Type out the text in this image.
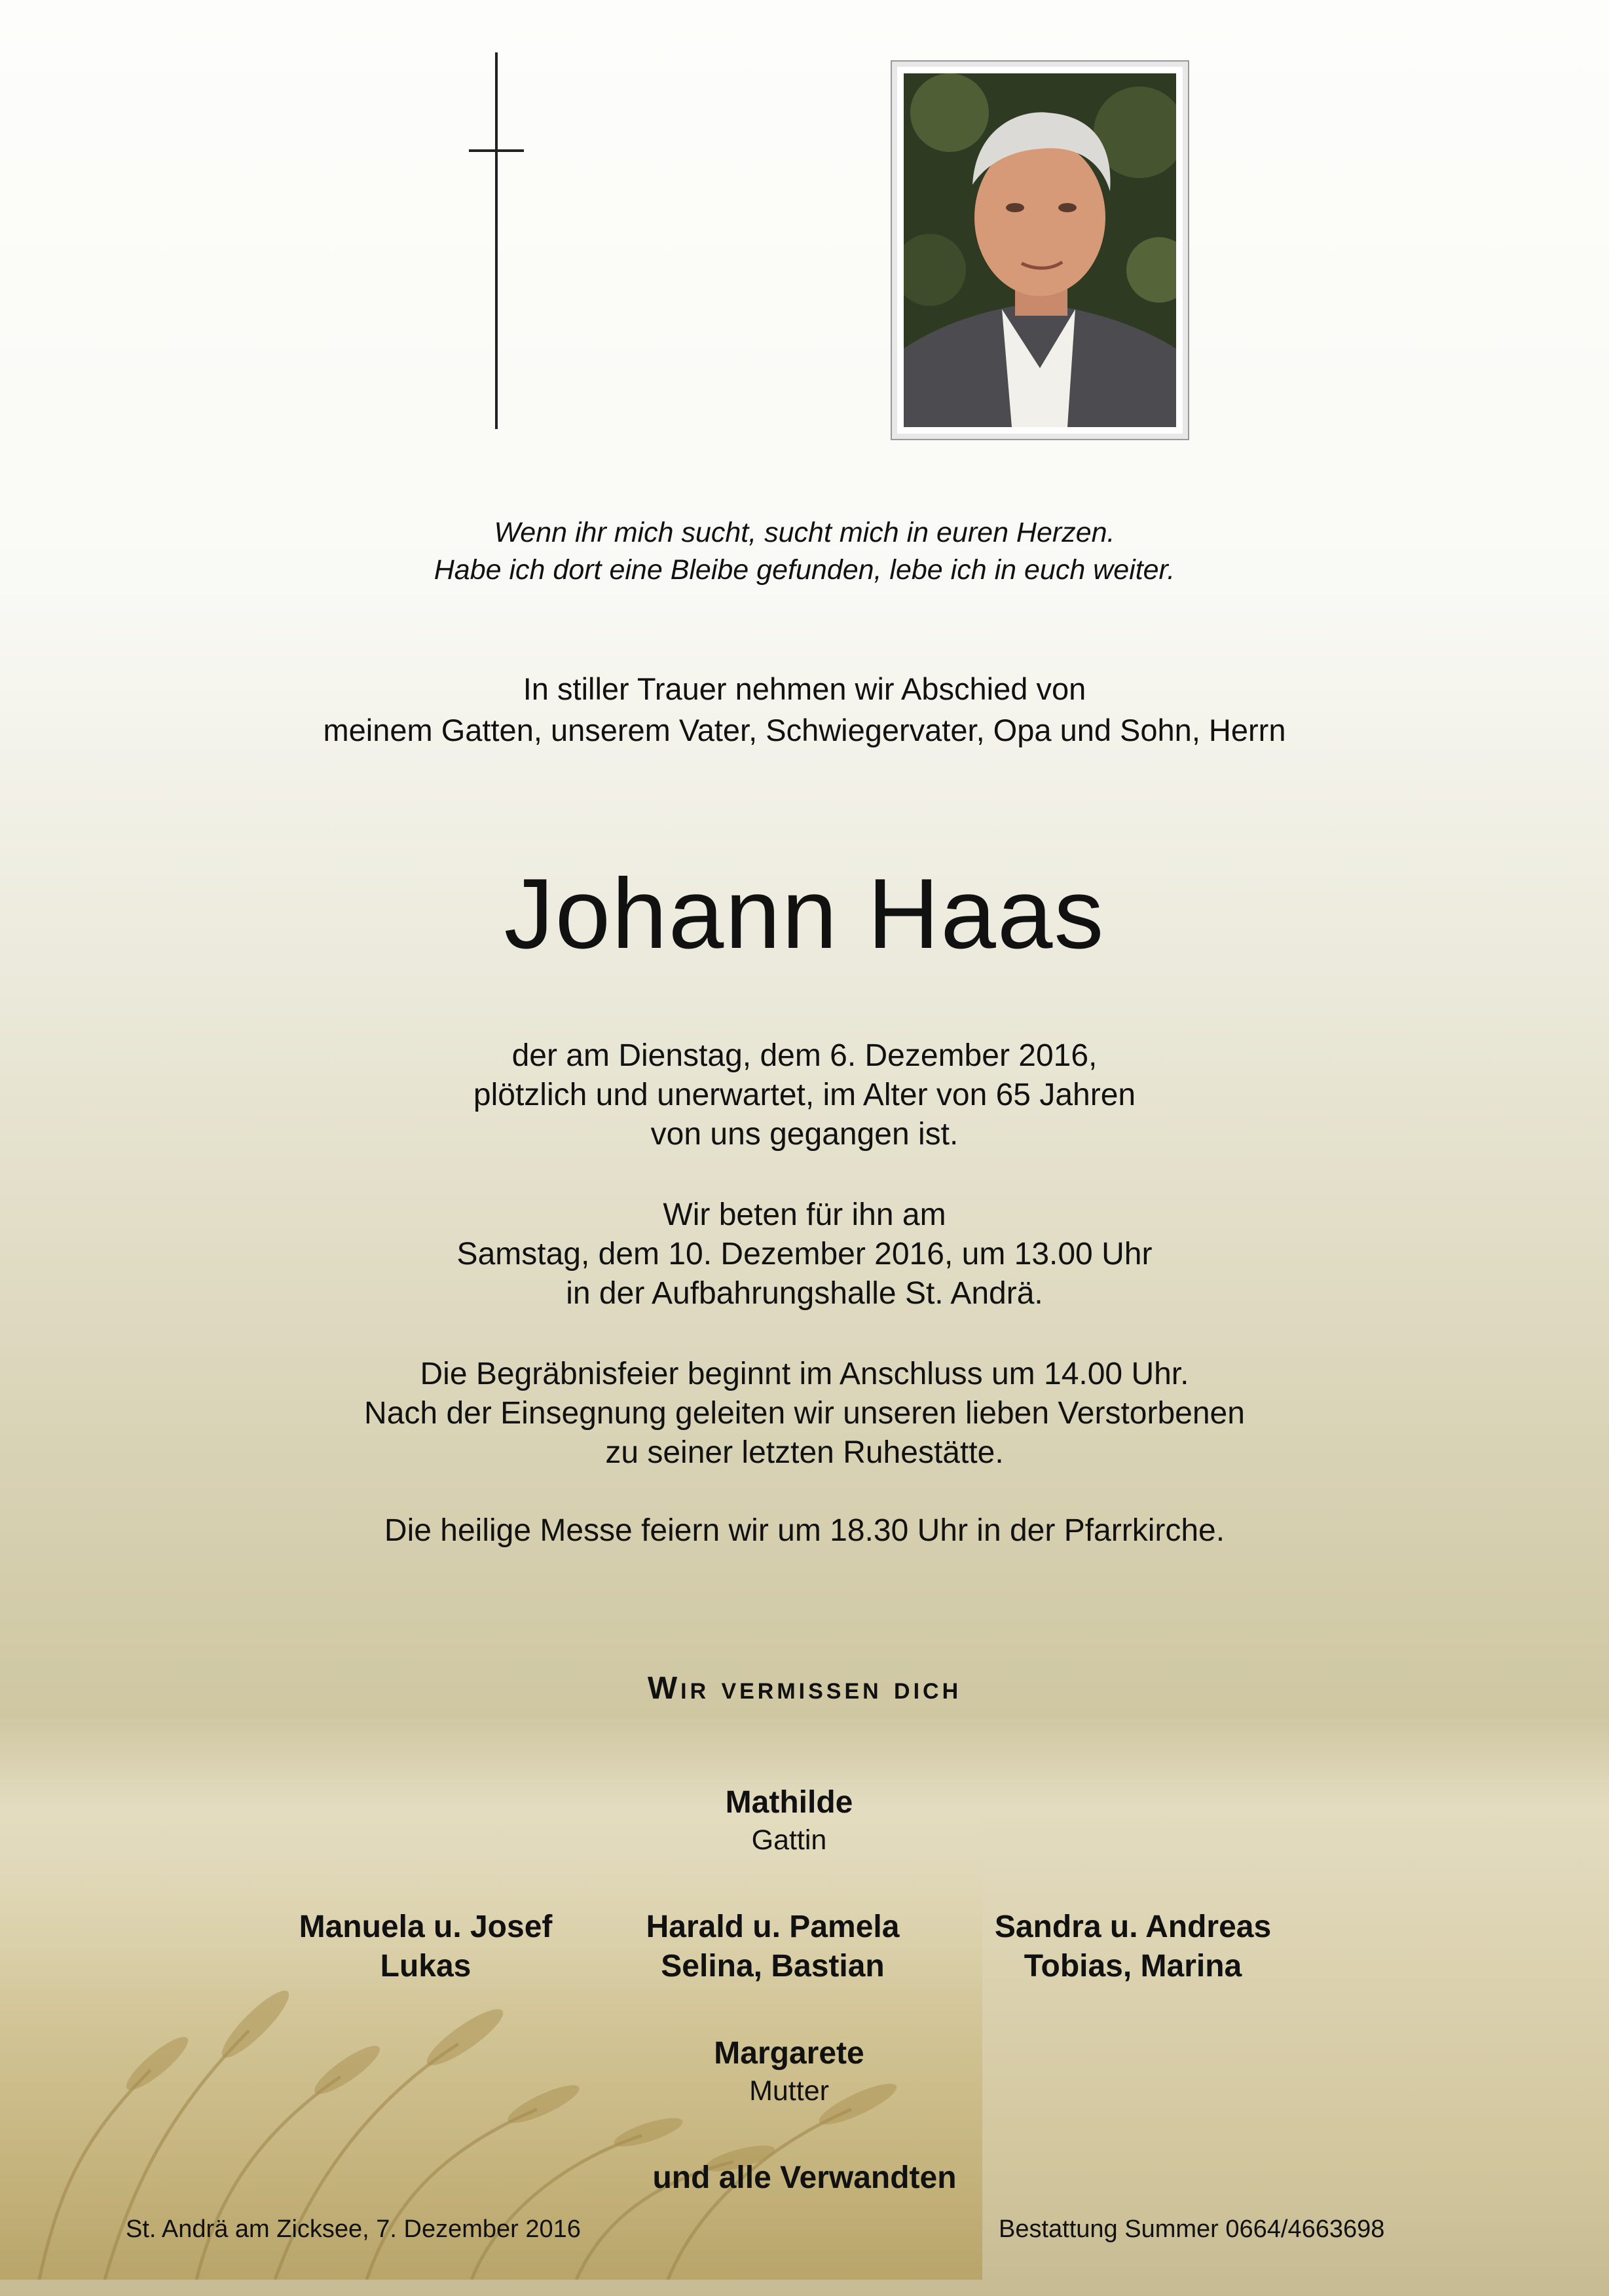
Wenn ihr mich sucht, sucht mich in euren Herzen.
Habe ich dort eine Bleibe gefunden, lebe ich in euch weiter.
In stiller Trauer nehmen wir Abschied von
meinem Gatten, unserem Vater, Schwiegervater, Opa und Sohn, Herrn
Johann Haas
der am Dienstag, dem 6. Dezember 2016,
plötzlich und unerwartet, im Alter von 65 Jahren
von uns gegangen ist.
Wir beten für ihn am
Samstag, dem 10. Dezember 2016, um 13.00 Uhr
in der Aufbahrungshalle St. Andrä.
Die Begräbnisfeier beginnt im Anschluss um 14.00 Uhr.
Nach der Einsegnung geleiten wir unseren lieben Verstorbenen
zu seiner letzten Ruhestätte.
Die heilige Messe feiern wir um 18.30 Uhr in der Pfarrkirche.
Wir vermissen dich
Mathilde
Gattin
Manuela u. Josef
Lukas
Harald u. Pamela
Selina, Bastian
Sandra u. Andreas
Tobias, Marina
Margarete
Mutter
und alle Verwandten
St. Andrä am Zicksee, 7. Dezember 2016	Bestattung Summer 0664/4663698
